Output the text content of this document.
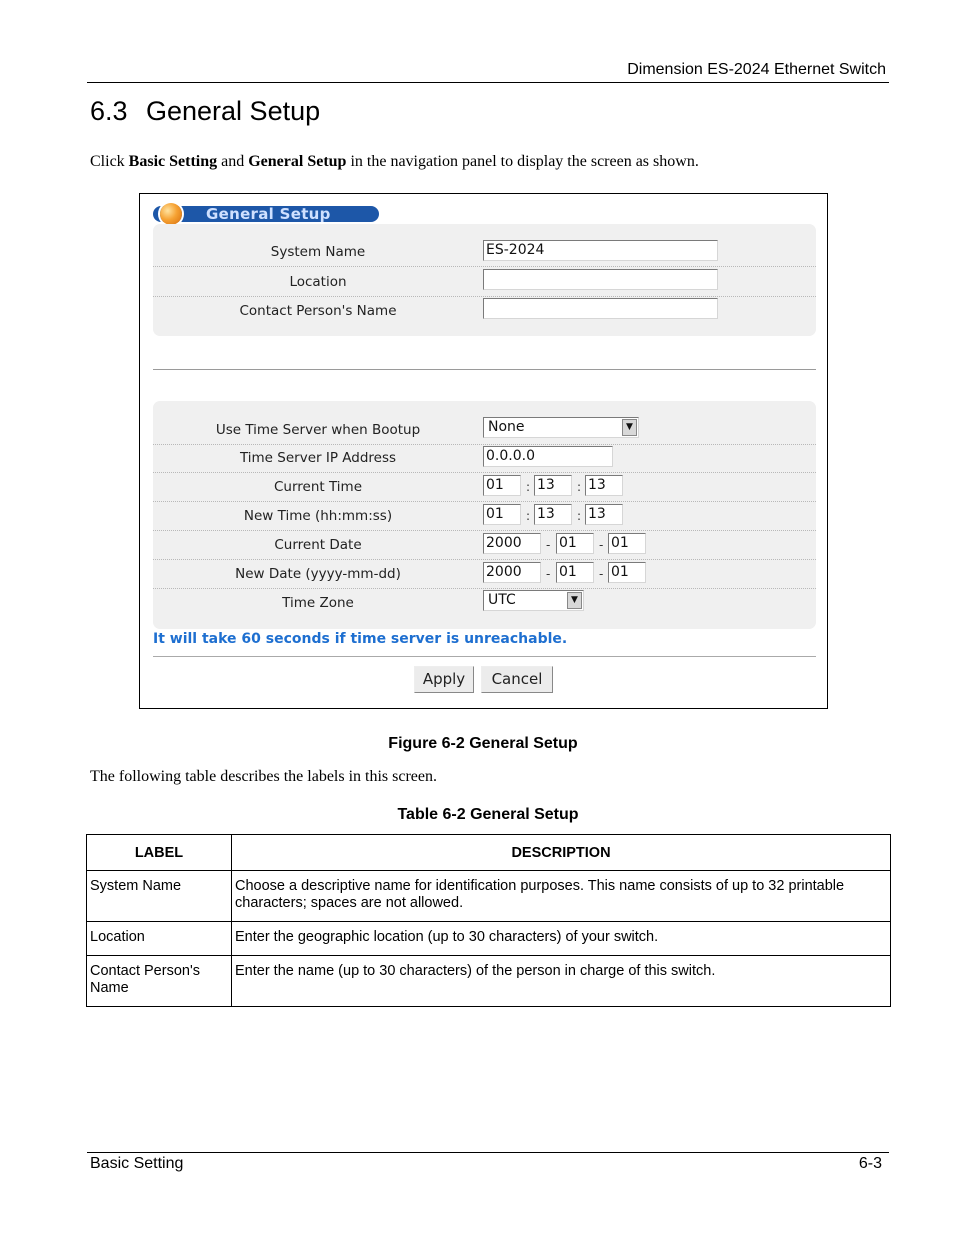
Dimension ES-2024 Ethernet Switch
6.3 General Setup
Click Basic Setting and General Setup in the navigation panel to display the screen as shown.
General Setup
System Name	ES-2024
Location
Contact Person's Name
Use Time Server when Bootup	None	▼
Time Server IP Address	0.0.0.0
Current Time	01	: 13	: 13
New Time (hh:mm:ss)	01	: 13	: 13
Current Date	2000	- 01	- 01
New Date (yyyy-mm-dd)	2000	- 01	- 01
Time Zone	UTC	▼
It will take 60 seconds if time server is unreachable.
Apply	Cancel
Figure 6-2 General Setup
The following table describes the labels in this screen.
Table 6-2 General Setup
LABEL	DESCRIPTION
System Name	Choose a descriptive name for identification purposes. This name consists of up to 32 printable characters; spaces are not allowed.
Location	Enter the geographic location (up to 30 characters) of your switch.
Contact Person's Name	Enter the name (up to 30 characters) of the person in charge of this switch.
Basic Setting	6-3
